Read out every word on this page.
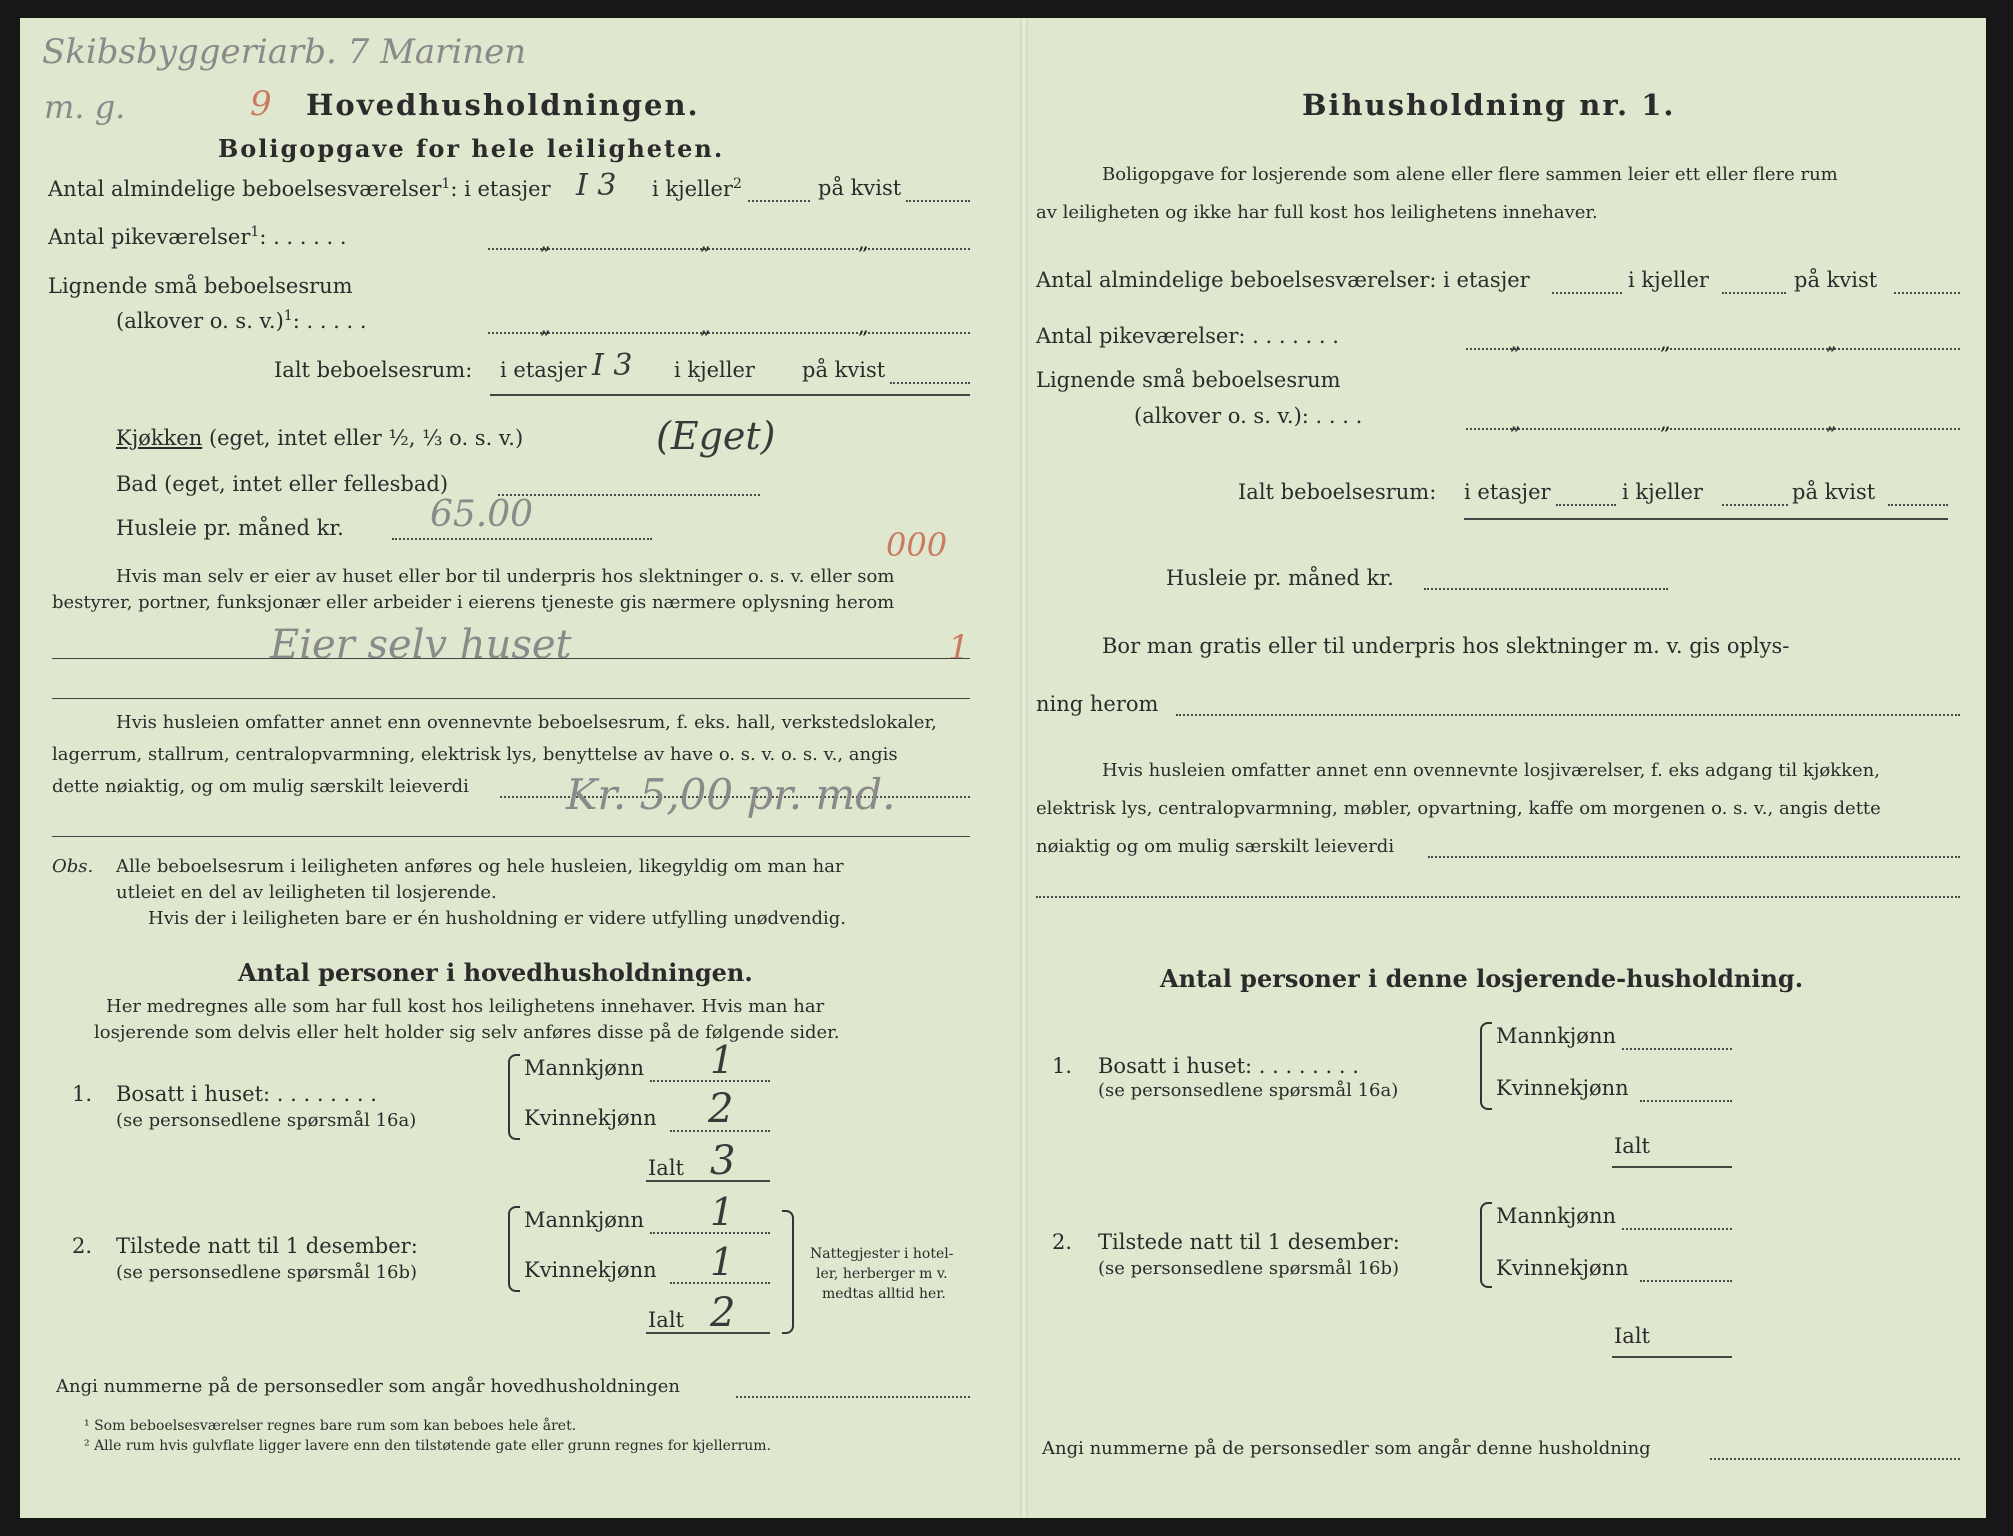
Skibsbyggeriarb. 7 Marinen
m. g.	9 Hovedhusholdningen.
Boligopgave for hele leiligheten.
Antal almindelige beboelsesværelser$^1$: i etasjer I 3 i kjeller$^2$	på kvist
Antal pikeværelser$^1$: . . . . . .	„	„	„
Lignende små beboelsesrum
(alkover o. s. v.)$^1$: . . . . .	„	„	„
Ialt beboelsesrum: i etasjer I 3 i kjeller på kvist
Kjøkken (eget, intet eller ½, ⅓ o. s. v.)	(Eget)
Bad (eget, intet eller fellesbad)
Husleie pr. måned kr. 65.00
000
Hvis man selv er eier av huset eller bor til underpris hos slektninger o. s. v. eller som
bestyrer, portner, funksjonær eller arbeider i eierens tjeneste gis nærmere oplysning herom
Eier selv huset	1
Hvis husleien omfatter annet enn ovennevnte beboelsesrum, f. eks. hall, verkstedslokaler,
lagerrum, stallrum, centralopvarmning, elektrisk lys, benyttelse av have o. s. v. o. s. v., angis
dette nøiaktig, og om mulig særskilt leieverdi Kr. 5,00 pr. md.
Obs. Alle beboelsesrum i leiligheten anføres og hele husleien, likegyldig om man har
utleiet en del av leiligheten til losjerende.
Hvis der i leiligheten bare er én husholdning er videre utfylling unødvendig.
Antal personer i hovedhusholdningen.
Her medregnes alle som har full kost hos leilighetens innehaver. Hvis man har
losjerende som delvis eller helt holder sig selv anføres disse på de følgende sider.
1. Bosatt i huset: . . . . . . . .
(se personsedlene spørsmål 16a)
Mannkjønn 1
Kvinnekjønn 2
Ialt 3
2. Tilstede natt til 1 desember:
(se personsedlene spørsmål 16b)
Mannkjønn 1
Kvinnekjønn 1
Ialt 2
Nattegjester i hotel-
ler, herberger m v.
medtas alltid her.
Angi nummerne på de personsedler som angår hovedhusholdningen
¹ Som beboelsesværelser regnes bare rum som kan beboes hele året.
² Alle rum hvis gulvflate ligger lavere enn den tilstøtende gate eller grunn regnes for kjellerrum.
Bihusholdning nr. 1.
Boligopgave for losjerende som alene eller flere sammen leier ett eller flere rum
av leiligheten og ikke har full kost hos leilighetens innehaver.
Antal almindelige beboelsesværelser: i etasjer	i kjeller	på kvist
Antal pikeværelser: . . . . . . .	„	„	„
Lignende små beboelsesrum
(alkover o. s. v.): . . . .	„	„	„
Ialt beboelsesrum: i etasjer	i kjeller	på kvist
Husleie pr. måned kr.
Bor man gratis eller til underpris hos slektninger m. v. gis oplys-
ning herom
Hvis husleien omfatter annet enn ovennevnte losjiværelser, f. eks adgang til kjøkken,
elektrisk lys, centralopvarmning, møbler, opvartning, kaffe om morgenen o. s. v., angis dette
nøiaktig og om mulig særskilt leieverdi
Antal personer i denne losjerende-husholdning.
1. Bosatt i huset: . . . . . . . .
(se personsedlene spørsmål 16a)
Mannkjønn
Kvinnekjønn
Ialt
2. Tilstede natt til 1 desember:
(se personsedlene spørsmål 16b)
Mannkjønn
Kvinnekjønn
Ialt
Angi nummerne på de personsedler som angår denne husholdning
